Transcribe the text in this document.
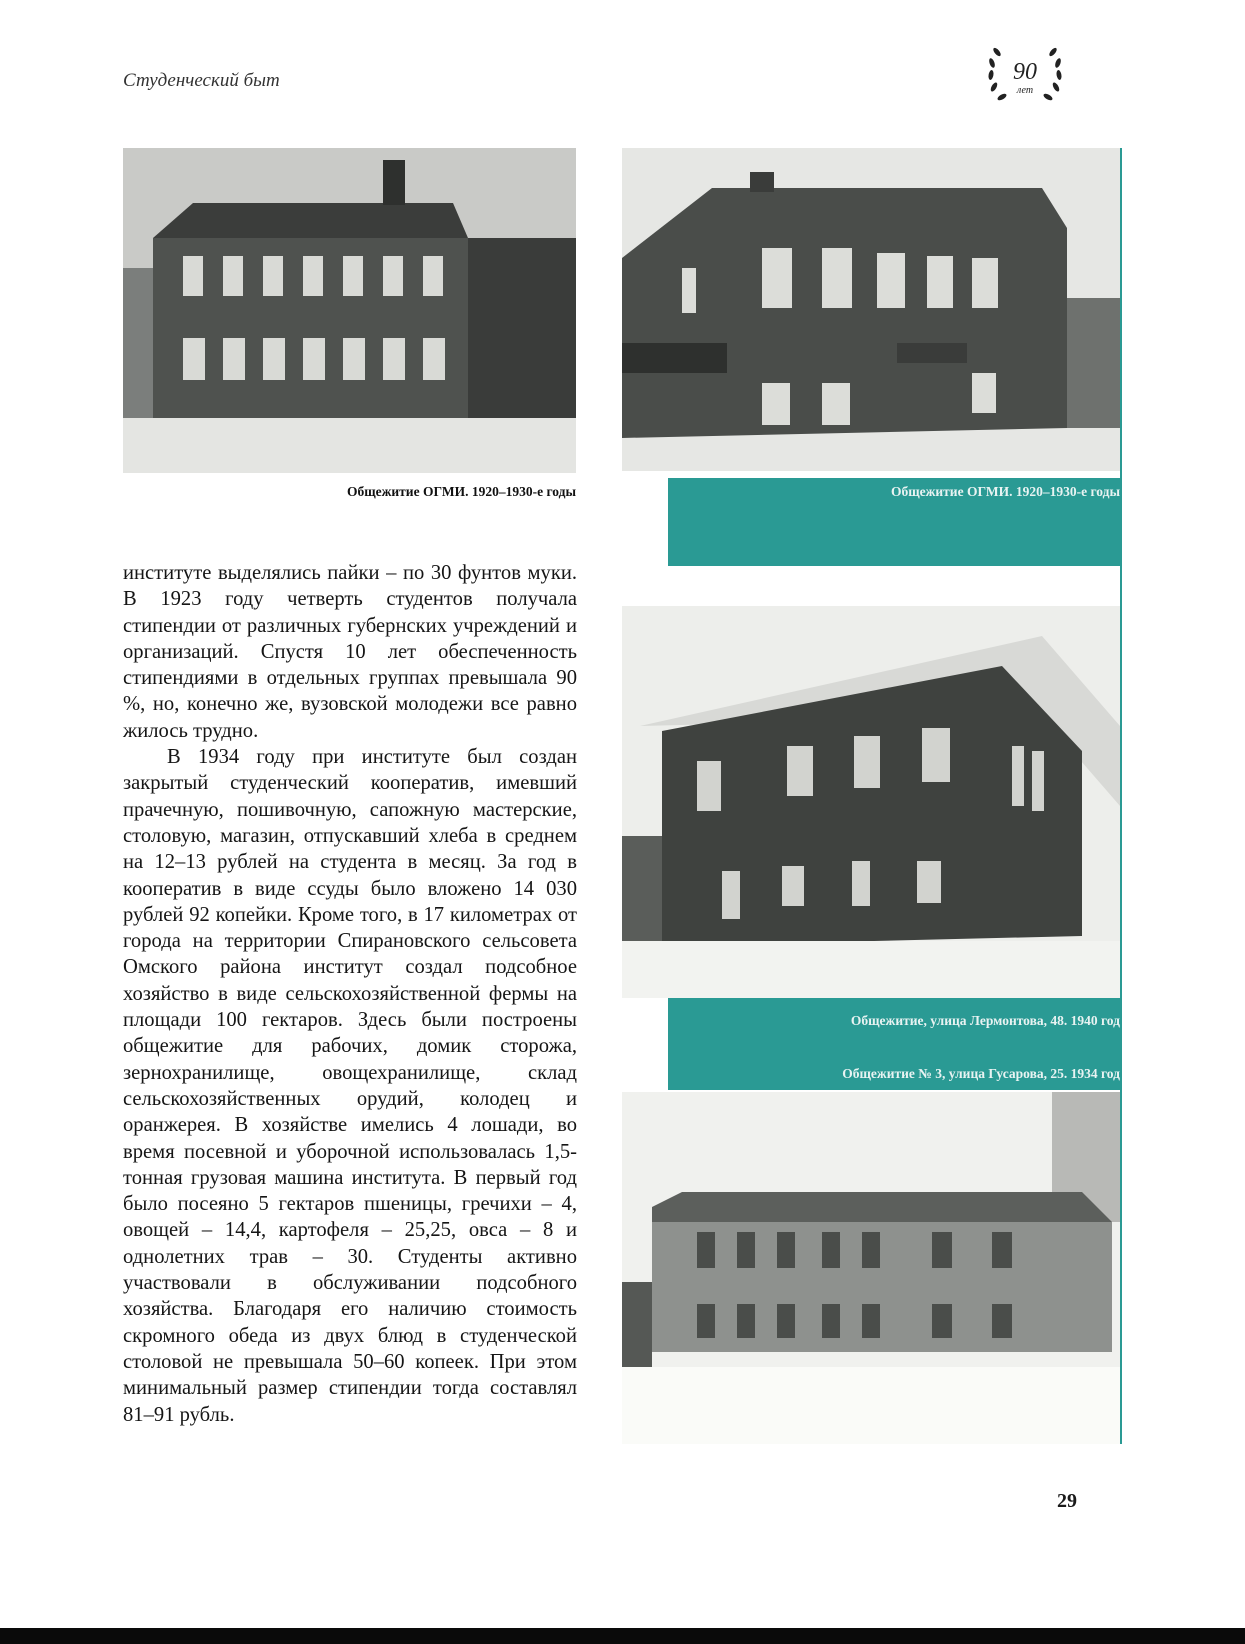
Студенческий быт	90
лет
Общежитие ОГМИ. 1920–1930-е годы	Общежитие ОГМИ. 1920–1930-е годы
Общежитие, улица Лермонтова, 48. 1940 год
Общежитие № 3, улица Гусарова, 25. 1934 год

институте выделялись пайки – по 30 фунтов муки. В 1923 году четверть студентов получала стипендии от различных губернских учреждений и организаций. Спустя 10 лет обеспеченность стипендиями в отдельных группах превышала 90 %, но, конечно же, вузовской молодежи все равно жилось трудно.

В 1934 году при институте был создан закрытый студенческий кооператив, имевший прачечную, пошивочную, сапожную мастерские, столовую, магазин, отпускавший хлеба в среднем на 12–13 рублей на студента в месяц. За год в кооператив в виде ссуды было вложено 14 030 рублей 92 копейки. Кроме того, в 17 километрах от города на территории Спирановского сельсовета Омского района институт создал подсобное хозяйство в виде сельскохозяйственной фермы на площади 100 гектаров. Здесь были построены общежитие для рабочих, домик сторожа, зернохранилище, овощехранилище, склад сельскохозяйственных орудий, колодец и оранжерея. В хозяйстве имелись 4 лошади, во время посевной и уборочной использовалась 1,5-тонная грузовая машина института. В первый год было посеяно 5 гектаров пшеницы, гречихи – 4, овощей – 14,4, картофеля – 25,25, овса – 8 и однолетних трав – 30. Студенты активно участвовали в обслуживании подсобного хозяйства. Благодаря его наличию стоимость скромного обеда из двух блюд в студенческой столовой не превышала 50–60 копеек. При этом минимальный размер стипендии тогда составлял 81–91 рубль.

29
